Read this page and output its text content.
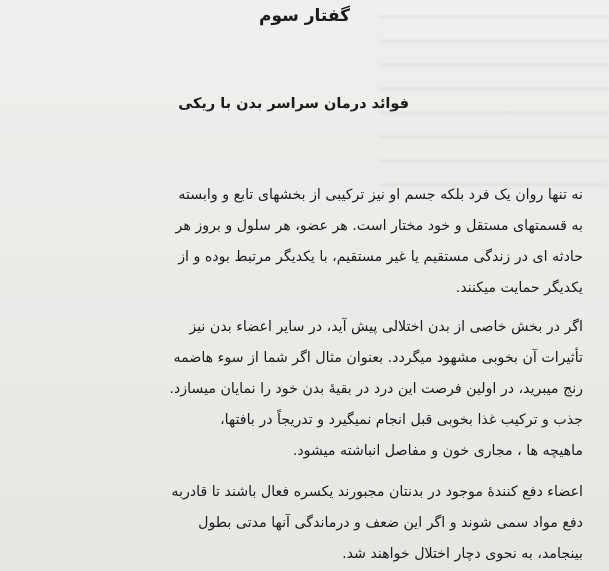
گفتار سوم
فوائد درمان سراسر بدن با ریکی

نه تنها روان یک فرد بلکه جسم او نیز ترکیبی از بخشهای تابع و وابسته
به قسمتهای مستقل و خود مختار است. هر عضو، هر سلول و بروز هر
حادثه ای در زندگی مستقیم یا غیر مستقیم، با یکدیگر مرتبط بوده و از
یکدیگر حمایت میکنند.

اگر در بخش خاصی از بدن اختلالی پیش آید، در سایر اعضاء بدن نیز
تأثیرات آن بخوبی مشهود میگردد. بعنوان مثال اگر شما از سوء هاضمه
رنج میبرید، در اولین فرصت این درد در بقیهٔ بدن خود را نمایان میسازد.
جذب و ترکیب غذا بخوبی قبل انجام نمیگیرد و تدریجاً در بافتها،
ماهیچه ها ، مجاری خون و مفاصل انباشته میشود.

اعضاء دفع کنندهٔ موجود در بدنتان مجبورند یکسره فعال باشند تا قادربه
دفع مواد سمی شوند و اگر این ضعف و درماندگی آنها مدتی بطول
بینجامد، به نحوی دچار اختلال خواهند شد.
